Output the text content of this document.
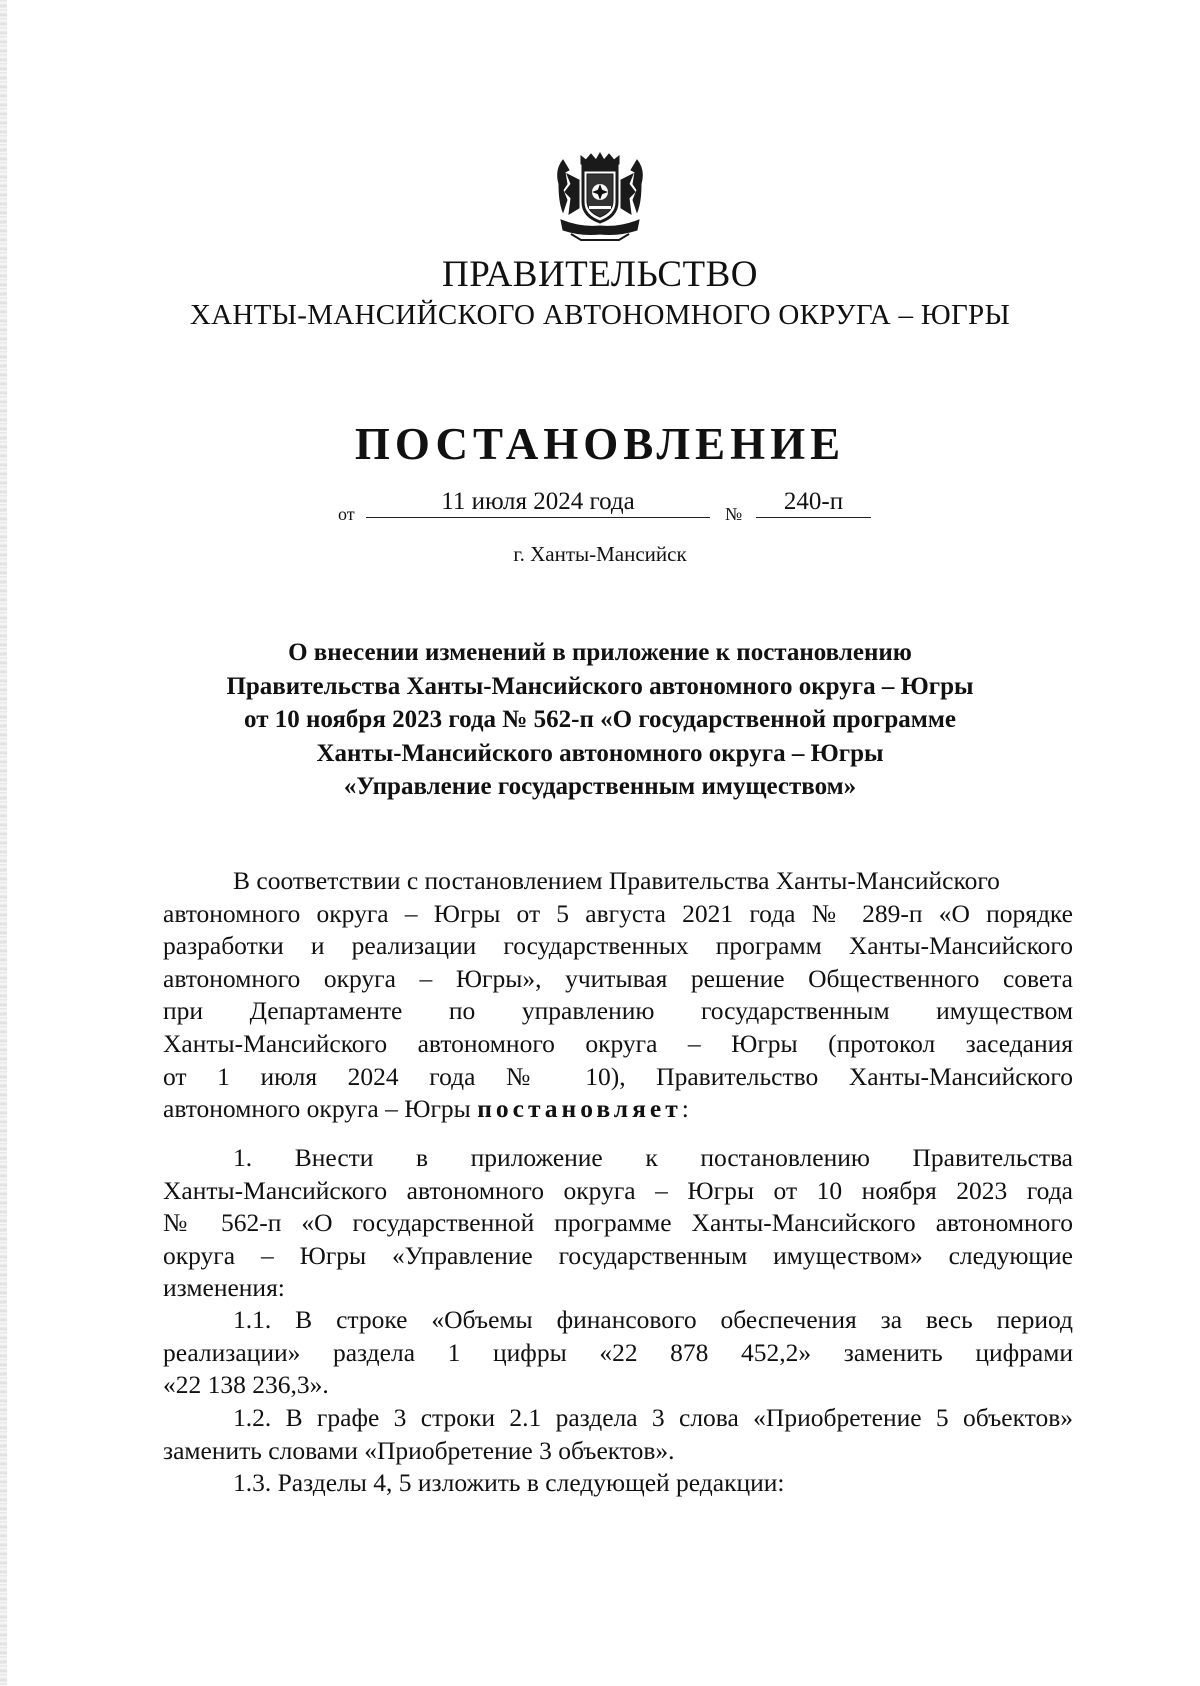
ПРАВИТЕЛЬСТВО
ХАНТЫ-МАНСИЙСКОГО АВТОНОМНОГО ОКРУГА – ЮГРЫ
ПОСТАНОВЛЕНИЕ
от	11 июля 2024 года	№	240-п
г. Ханты-Мансийск
О внесении изменений в приложение к постановлению
Правительства Ханты-Мансийского автономного округа – Югры
от 10 ноября 2023 года № 562-п «О государственной программе
Ханты-Мансийского автономного округа – Югры
«Управление государственным имуществом»
В соответствии с постановлением Правительства Ханты-Мансийского
автономного округа – Югры от 5 августа 2021 года № 289-п «О порядке
разработки и реализации государственных программ Ханты-Мансийского
автономного округа – Югры», учитывая решение Общественного совета
при Департаменте по управлению государственным имуществом
Ханты-Мансийского автономного округа – Югры (протокол заседания
от 1 июля 2024 года № 10), Правительство Ханты-Мансийского
автономного округа – Югры постановляет:
1. Внести в приложение к постановлению Правительства
Ханты-Мансийского автономного округа – Югры от 10 ноября 2023 года
№ 562-п «О государственной программе Ханты-Мансийского автономного
округа – Югры «Управление государственным имуществом» следующие
изменения:
1.1. В строке «Объемы финансового обеспечения за весь период
реализации» раздела 1 цифры «22 878 452,2» заменить цифрами
«22 138 236,3».
1.2. В графе 3 строки 2.1 раздела 3 слова «Приобретение 5 объектов»
заменить словами «Приобретение 3 объектов».
1.3. Разделы 4, 5 изложить в следующей редакции:
